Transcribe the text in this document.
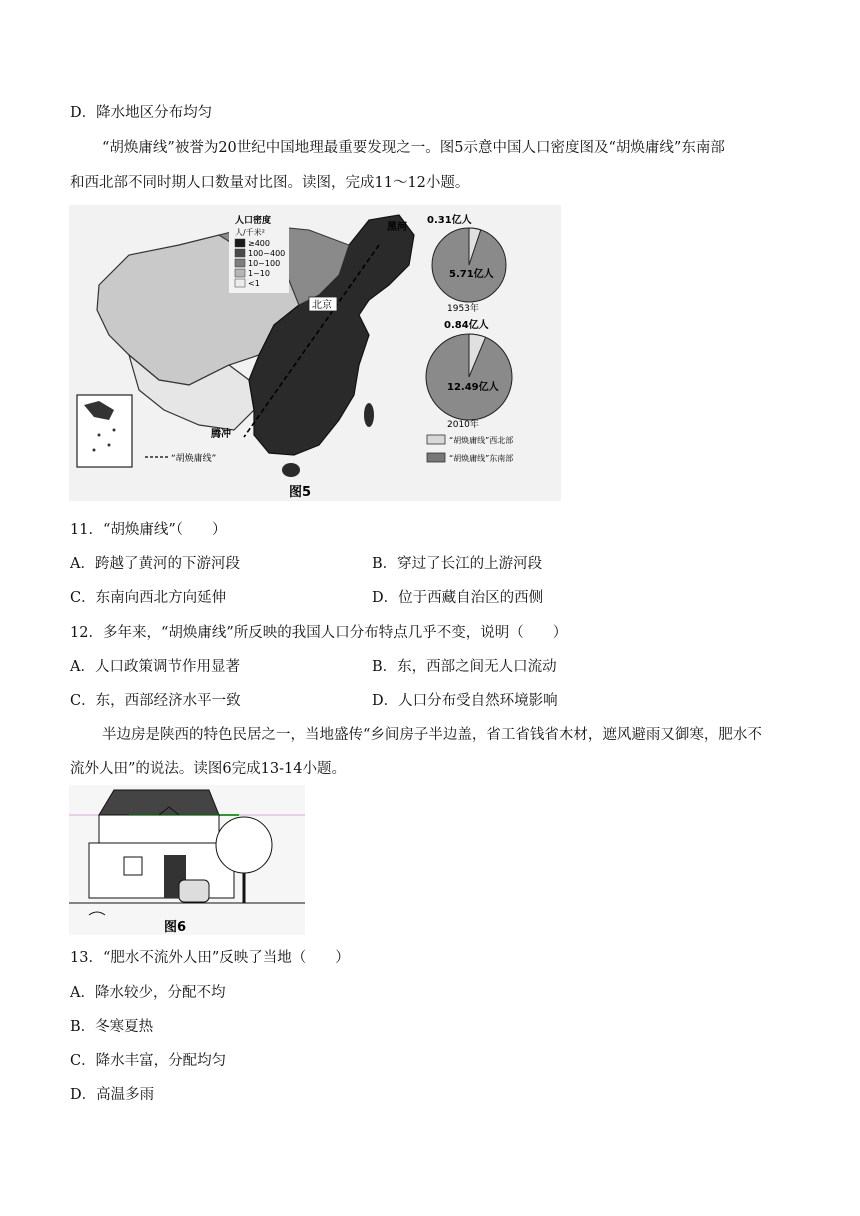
D．降水地区分布均匀
“胡焕庸线”被誉为20世纪中国地理最重要发现之一。图5示意中国人口密度图及“胡焕庸线”东南部
和西北部不同时期人口数量对比图。读图，完成11～12小题。
人口密度
人/千米²
≥400
100~400
10~100
1~10
<1
黑河
北京
腾冲
“胡焕庸线”
0.31亿人
5.71亿人
1953年
0.84亿人
12.49亿人
2010年
“胡焕庸线”西北部
“胡焕庸线”东南部
图5
11．“胡焕庸线”（　　）
A．跨越了黄河的下游河段	B．穿过了长江的上游河段
C．东南向西北方向延伸	D．位于西藏自治区的西侧
12．多年来，“胡焕庸线”所反映的我国人口分布特点几乎不变，说明（　　）
A．人口政策调节作用显著	B．东，西部之间无人口流动
C．东，西部经济水平一致	D．人口分布受自然环境影响
半边房是陕西的特色民居之一，当地盛传“乡间房子半边盖，省工省钱省木材，遮风避雨又御寒，肥水不
流外人田”的说法。读图6完成13-14小题。
图6
13．“肥水不流外人田”反映了当地（　　）
A．降水较少，分配不均
B．冬寒夏热
C．降水丰富，分配均匀
D．高温多雨
